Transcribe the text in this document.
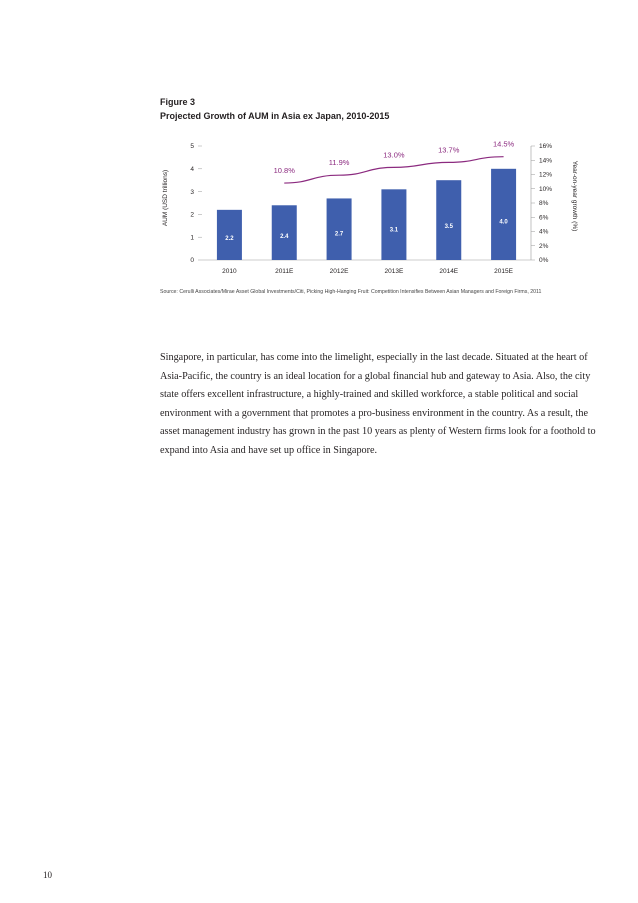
Figure 3
Projected Growth of AUM in Asia ex Japan, 2010-2015
AUM (USD trillions)	Year-on-year growth (%)
0
1
2
3
4
5
0%
2%
4%
6%
8%
10%
12%
14%
16%
2.2
2010
2.4
2011E
2.7
2012E
3.1
2013E
3.5
2014E
4.0
2015E
10.8%
11.9%
13.0%
13.7%
14.5%
Source: Cerulli Associates/Mirae Asset Global Investments/Citi, Picking High-Hanging Fruit: Competition Intensifies Between Asian Managers and Foreign Firms, 2011
Singapore, in particular, has come into the limelight, especially in the last decade. Situated at the heart of Asia-Pacific, the country is an ideal location for a global financial hub and gateway to Asia. Also, the city state offers excellent infrastructure, a highly-trained and skilled workforce, a stable political and social environment with a government that promotes a pro-business environment in the country. As a result, the asset management industry has grown in the past 10 years as plenty of Western firms look for a foothold to expand into Asia and have set up office in Singapore.
10
